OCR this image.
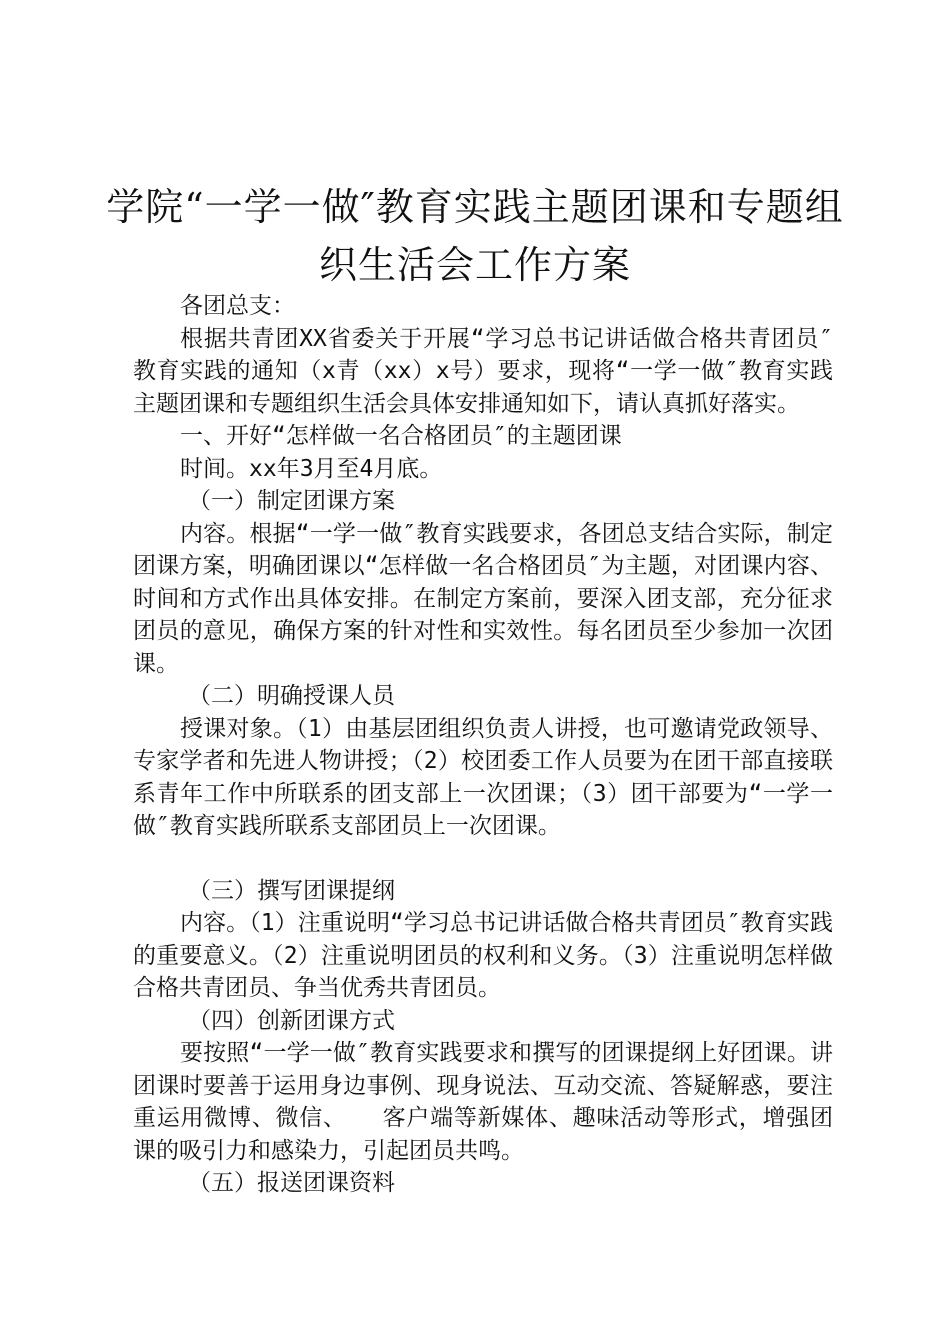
学院“一学一做″教育实践主题团课和专题组
织生活会工作方案

各团总支：

根据共青团XX省委关于开展“学习总书记讲话做合格共青团员″教育实践的通知（x青（xx）x号）要求，现将“一学一做″教育实践主题团课和专题组织生活会具体安排通知如下，请认真抓好落实。

一、开好“怎样做一名合格团员″的主题团课

时间。xx年3月至4月底。

（一）制定团课方案

内容。根据“一学一做″教育实践要求，各团总支结合实际，制定团课方案，明确团课以“怎样做一名合格团员″为主题，对团课内容、时间和方式作出具体安排。在制定方案前，要深入团支部，充分征求团员的意见，确保方案的针对性和实效性。每名团员至少参加一次团课。

（二）明确授课人员

授课对象。（1）由基层团组织负责人讲授，也可邀请党政领导、专家学者和先进人物讲授；（2）校团委工作人员要为在团干部直接联系青年工作中所联系的团支部上一次团课；（3）团干部要为“一学一做″教育实践所联系支部团员上一次团课。

（三）撰写团课提纲

内容。（1）注重说明“学习总书记讲话做合格共青团员″教育实践的重要意义。（2）注重说明团员的权利和义务。（3）注重说明怎样做合格共青团员、争当优秀共青团员。

（四）创新团课方式

要按照“一学一做″教育实践要求和撰写的团课提纲上好团课。讲团课时要善于运用身边事例、现身说法、互动交流、答疑解惑，要注重运用微博、微信、　　客户端等新媒体、趣味活动等形式，增强团课的吸引力和感染力，引起团员共鸣。

（五）报送团课资料
